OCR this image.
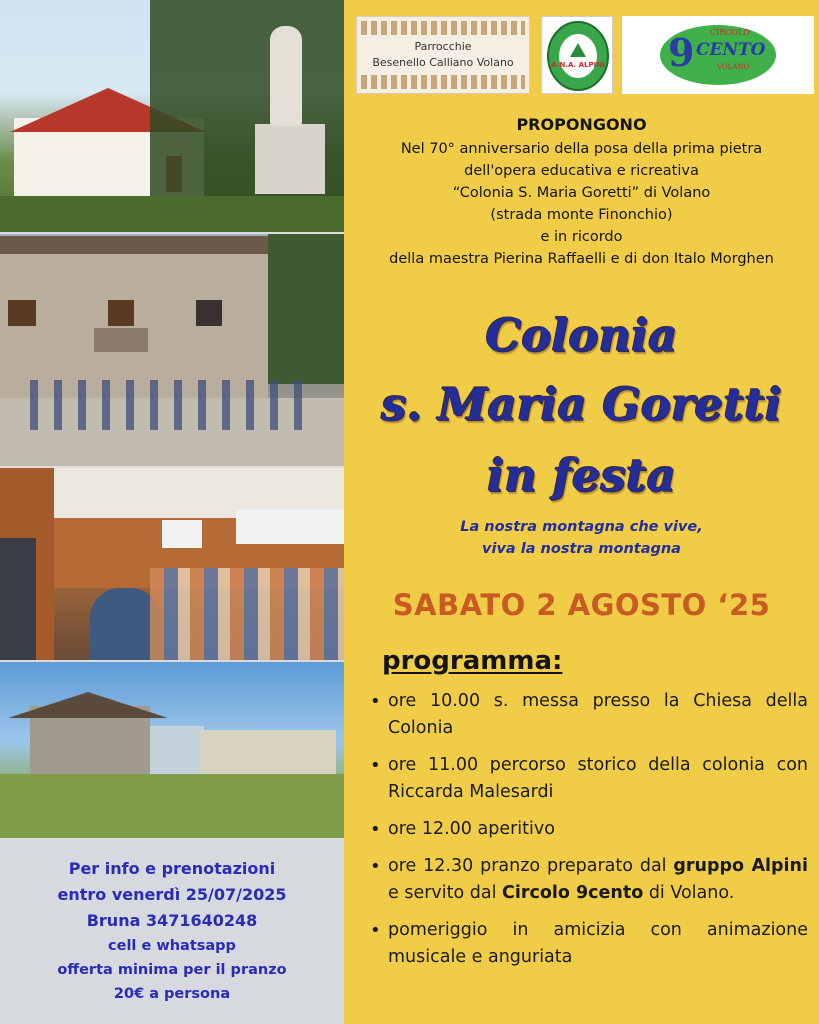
Per info e prenotazioni
entro venerdì 25/07/2025
Bruna 3471640248
cell e whatsapp
offerta minima per il pranzo
20€ a persona
Parrocchie
Besenello Calliano Volano	A.N.A. ALPINI 9 CIRCOLO
CENTO
VOLANO
PROPONGONO
Nel 70° anniversario della posa della prima pietra
dell'opera educativa e ricreativa
“Colonia S. Maria Goretti” di Volano
(strada monte Finonchio)
e in ricordo
della maestra Pierina Raffaelli e di don Italo Morghen
Colonia
s. Maria Goretti
in festa
La nostra montagna che vive,
viva la nostra montagna
SABATO 2 AGOSTO ‘25
programma:
• ore 10.00 s. messa presso la Chiesa della Colonia
• ore 11.00 percorso storico della colonia con Riccarda Malesardi
• ore 12.00 aperitivo
• ore 12.30 pranzo preparato dal gruppo Alpini e servito dal Circolo 9cento di Volano.
• pomeriggio in amicizia con animazione musicale e anguriata
